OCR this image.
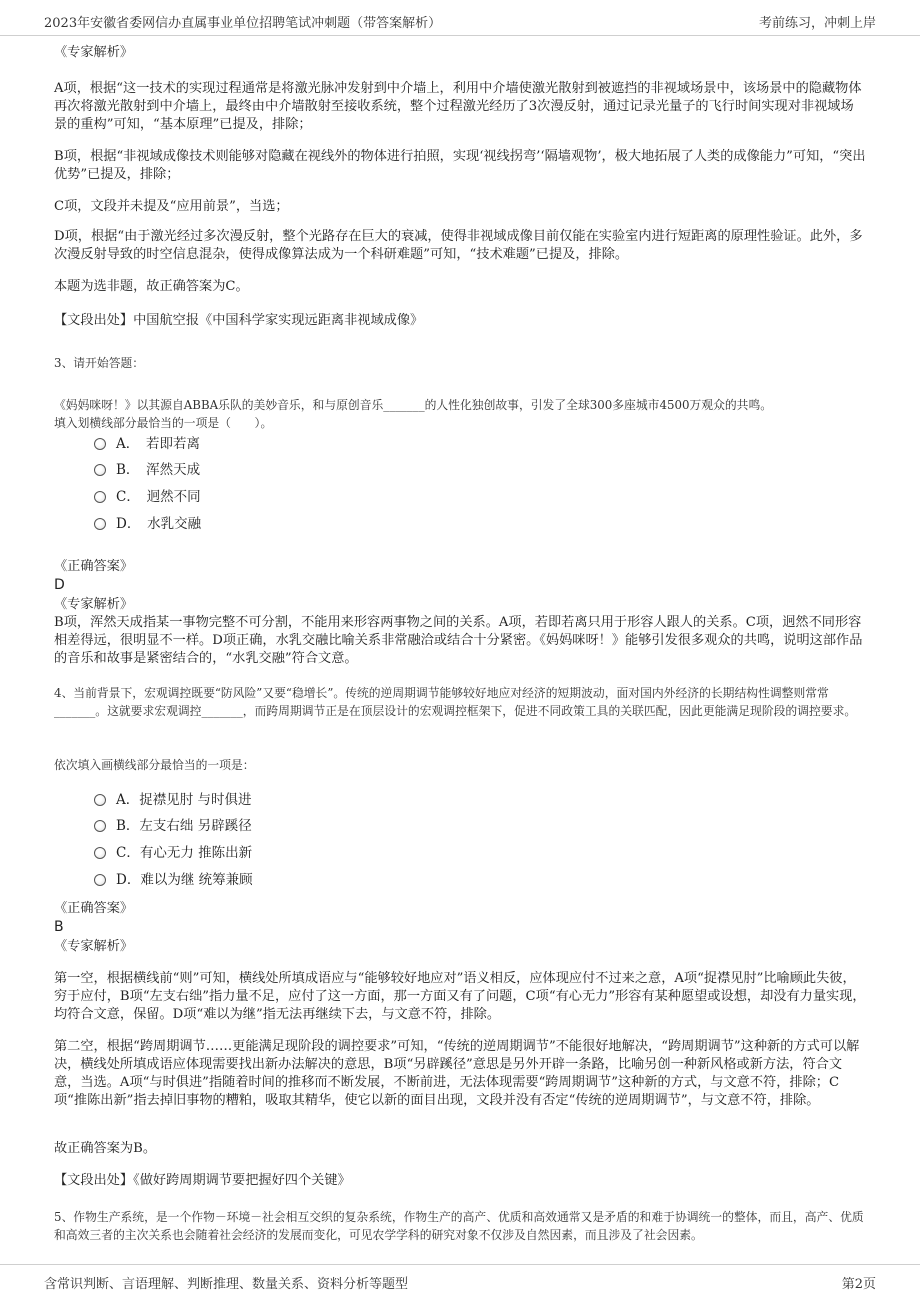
2023年安徽省委网信办直属事业单位招聘笔试冲刺题（带答案解析）	考前练习，冲刺上岸

《专家解析》

A项，根据“这一技术的实现过程通常是将激光脉冲发射到中介墙上，利用中介墙使激光散射到被遮挡的非视域场景中，该场景中的隐藏物体再次将激光散射到中介墙上，最终由中介墙散射至接收系统，整个过程激光经历了3次漫反射，通过记录光量子的飞行时间实现对非视域场景的重构”可知，“基本原理”已提及，排除；

B项，根据“非视域成像技术则能够对隐藏在视线外的物体进行拍照，实现‘视线拐弯’‘隔墙观物’，极大地拓展了人类的成像能力”可知，“突出优势”已提及，排除；

C项，文段并未提及“应用前景”，当选；

D项，根据“由于激光经过多次漫反射，整个光路存在巨大的衰减，使得非视域成像目前仅能在实验室内进行短距离的原理性验证。此外，多次漫反射导致的时空信息混杂，使得成像算法成为一个科研难题”可知，“技术难题”已提及，排除。

本题为选非题，故正确答案为C。

【文段出处】中国航空报《中国科学家实现远距离非视域成像》

3、请开始答题：

《妈妈咪呀！》以其源自ABBA乐队的美妙音乐，和与原创音乐_______的人性化独创故事，引发了全球300多座城市4500万观众的共鸣。

填入划横线部分最恰当的一项是（　　）。

A．　若即若离
B．　浑然天成
C．　迥然不同
D．　水乳交融

《正确答案》

D

《专家解析》

B项，浑然天成指某一事物完整不可分割，不能用来形容两事物之间的关系。A项，若即若离只用于形容人跟人的关系。C项，迥然不同形容相差得远，很明显不一样。D项正确，水乳交融比喻关系非常融洽或结合十分紧密。《妈妈咪呀！》能够引发很多观众的共鸣，说明这部作品的音乐和故事是紧密结合的，“水乳交融”符合文意。

4、当前背景下，宏观调控既要“防风险”又要“稳增长”。传统的逆周期调节能够较好地应对经济的短期波动，面对国内外经济的长期结构性调整则常常_______。这就要求宏观调控_______，而跨周期调节正是在顶层设计的宏观调控框架下，促进不同政策工具的关联匹配，因此更能满足现阶段的调控要求。

依次填入画横线部分最恰当的一项是：

A．捉襟见肘 与时俱进
B．左支右绌 另辟蹊径
C．有心无力 推陈出新
D．难以为继 统筹兼顾

《正确答案》

B

《专家解析》

第一空，根据横线前“则”可知，横线处所填成语应与“能够较好地应对”语义相反，应体现应付不过来之意，A项“捉襟见肘”比喻顾此失彼，穷于应付，B项“左支右绌”指力量不足，应付了这一方面，那一方面又有了问题，C项“有心无力”形容有某种愿望或设想，却没有力量实现，均符合文意，保留。D项“难以为继”指无法再继续下去，与文意不符，排除。

第二空，根据“跨周期调节……更能满足现阶段的调控要求”可知，“传统的逆周期调节”不能很好地解决，“跨周期调节”这种新的方式可以解决，横线处所填成语应体现需要找出新办法解决的意思，B项“另辟蹊径”意思是另外开辟一条路，比喻另创一种新风格或新方法，符合文意，当选。A项“与时俱进”指随着时间的推移而不断发展，不断前进，无法体现需要“跨周期调节”这种新的方式，与文意不符，排除；C项“推陈出新”指去掉旧事物的糟粕，吸取其精华，使它以新的面目出现，文段并没有否定“传统的逆周期调节”，与文意不符，排除。

故正确答案为B。

【文段出处】《做好跨周期调节要把握好四个关键》

5、作物生产系统，是一个作物－环境－社会相互交织的复杂系统，作物生产的高产、优质和高效通常又是矛盾的和难于协调统一的整体，而且，高产、优质和高效三者的主次关系也会随着社会经济的发展而变化，可见农学学科的研究对象不仅涉及自然因素，而且涉及了社会因素。

含常识判断、言语理解、判断推理、数量关系、资料分析等题型	第2页
